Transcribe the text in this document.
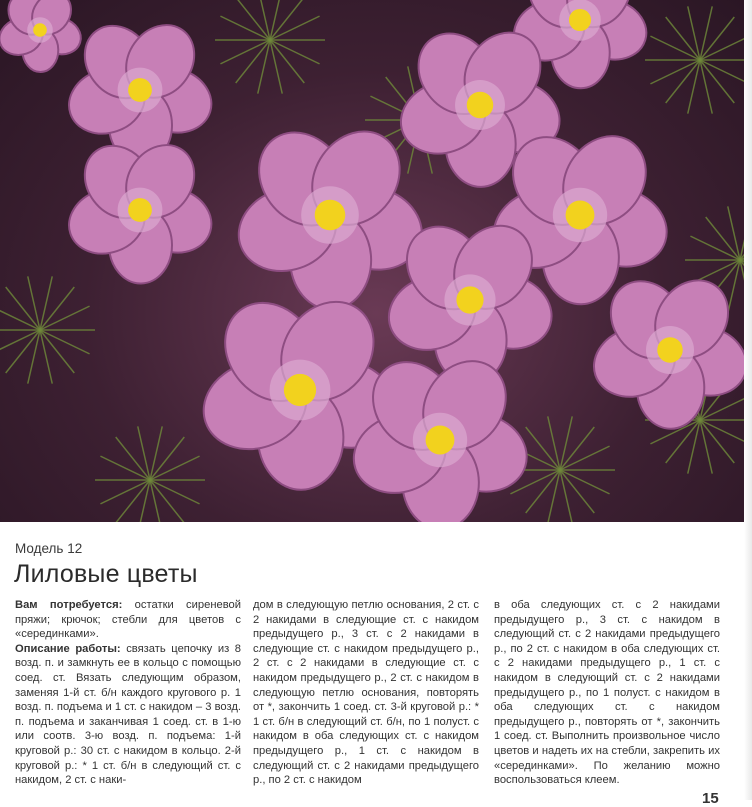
Модель 12
Лиловые цветы

Вам потребуется: остатки сиреневой пряжи; крючок; стебли для цветов с «серединками».

Описание работы: связать цепочку из 8 возд. п. и замкнуть ее в кольцо с помощью соед. ст. Вязать следующим образом, заменяя 1-й ст. б/н каждого кругового р. 1 возд. п. подъема и 1 ст. с накидом – 3 возд. п. подъема и заканчивая 1 соед. ст. в 1-ю или соотв. 3-ю возд. п. подъема: 1-й круговой р.: 30 ст. с накидом в кольцо. 2-й круговой р.: * 1 ст. б/н в следующий ст. с накидом, 2 ст. с наки-

дом в следующую петлю основания, 2 ст. с 2 накидами в следующие ст. с накидом предыдущего р., 3 ст. с 2 накидами в следующие ст. с накидом предыдущего р., 2 ст. с 2 накидами в следующие ст. с накидом предыдущего р., 2 ст. с накидом в следующую петлю основания, повторять от *, закончить 1 соед. ст. 3-й круговой р.: * 1 ст. б/н в следующий ст. б/н, по 1 полуст. с накидом в оба следующих ст. с накидом предыдущего р., 1 ст. с накидом в следующий ст. с 2 накидами предыдущего р., по 2 ст. с накидом

в оба следующих ст. с 2 накидами предыдущего р., 3 ст. с накидом в следующий ст. с 2 накидами предыдущего р., по 2 ст. с накидом в оба следующих ст. с 2 накидами предыдущего р., 1 ст. с накидом в следующий ст. с 2 накидами предыдущего р., по 1 полуст. с накидом в оба следующих ст. с накидом предыдущего р., повторять от *, закончить 1 соед. ст. Выполнить произвольное число цветов и надеть их на стебли, закрепить их «серединками». По желанию можно воспользоваться клеем.

15
